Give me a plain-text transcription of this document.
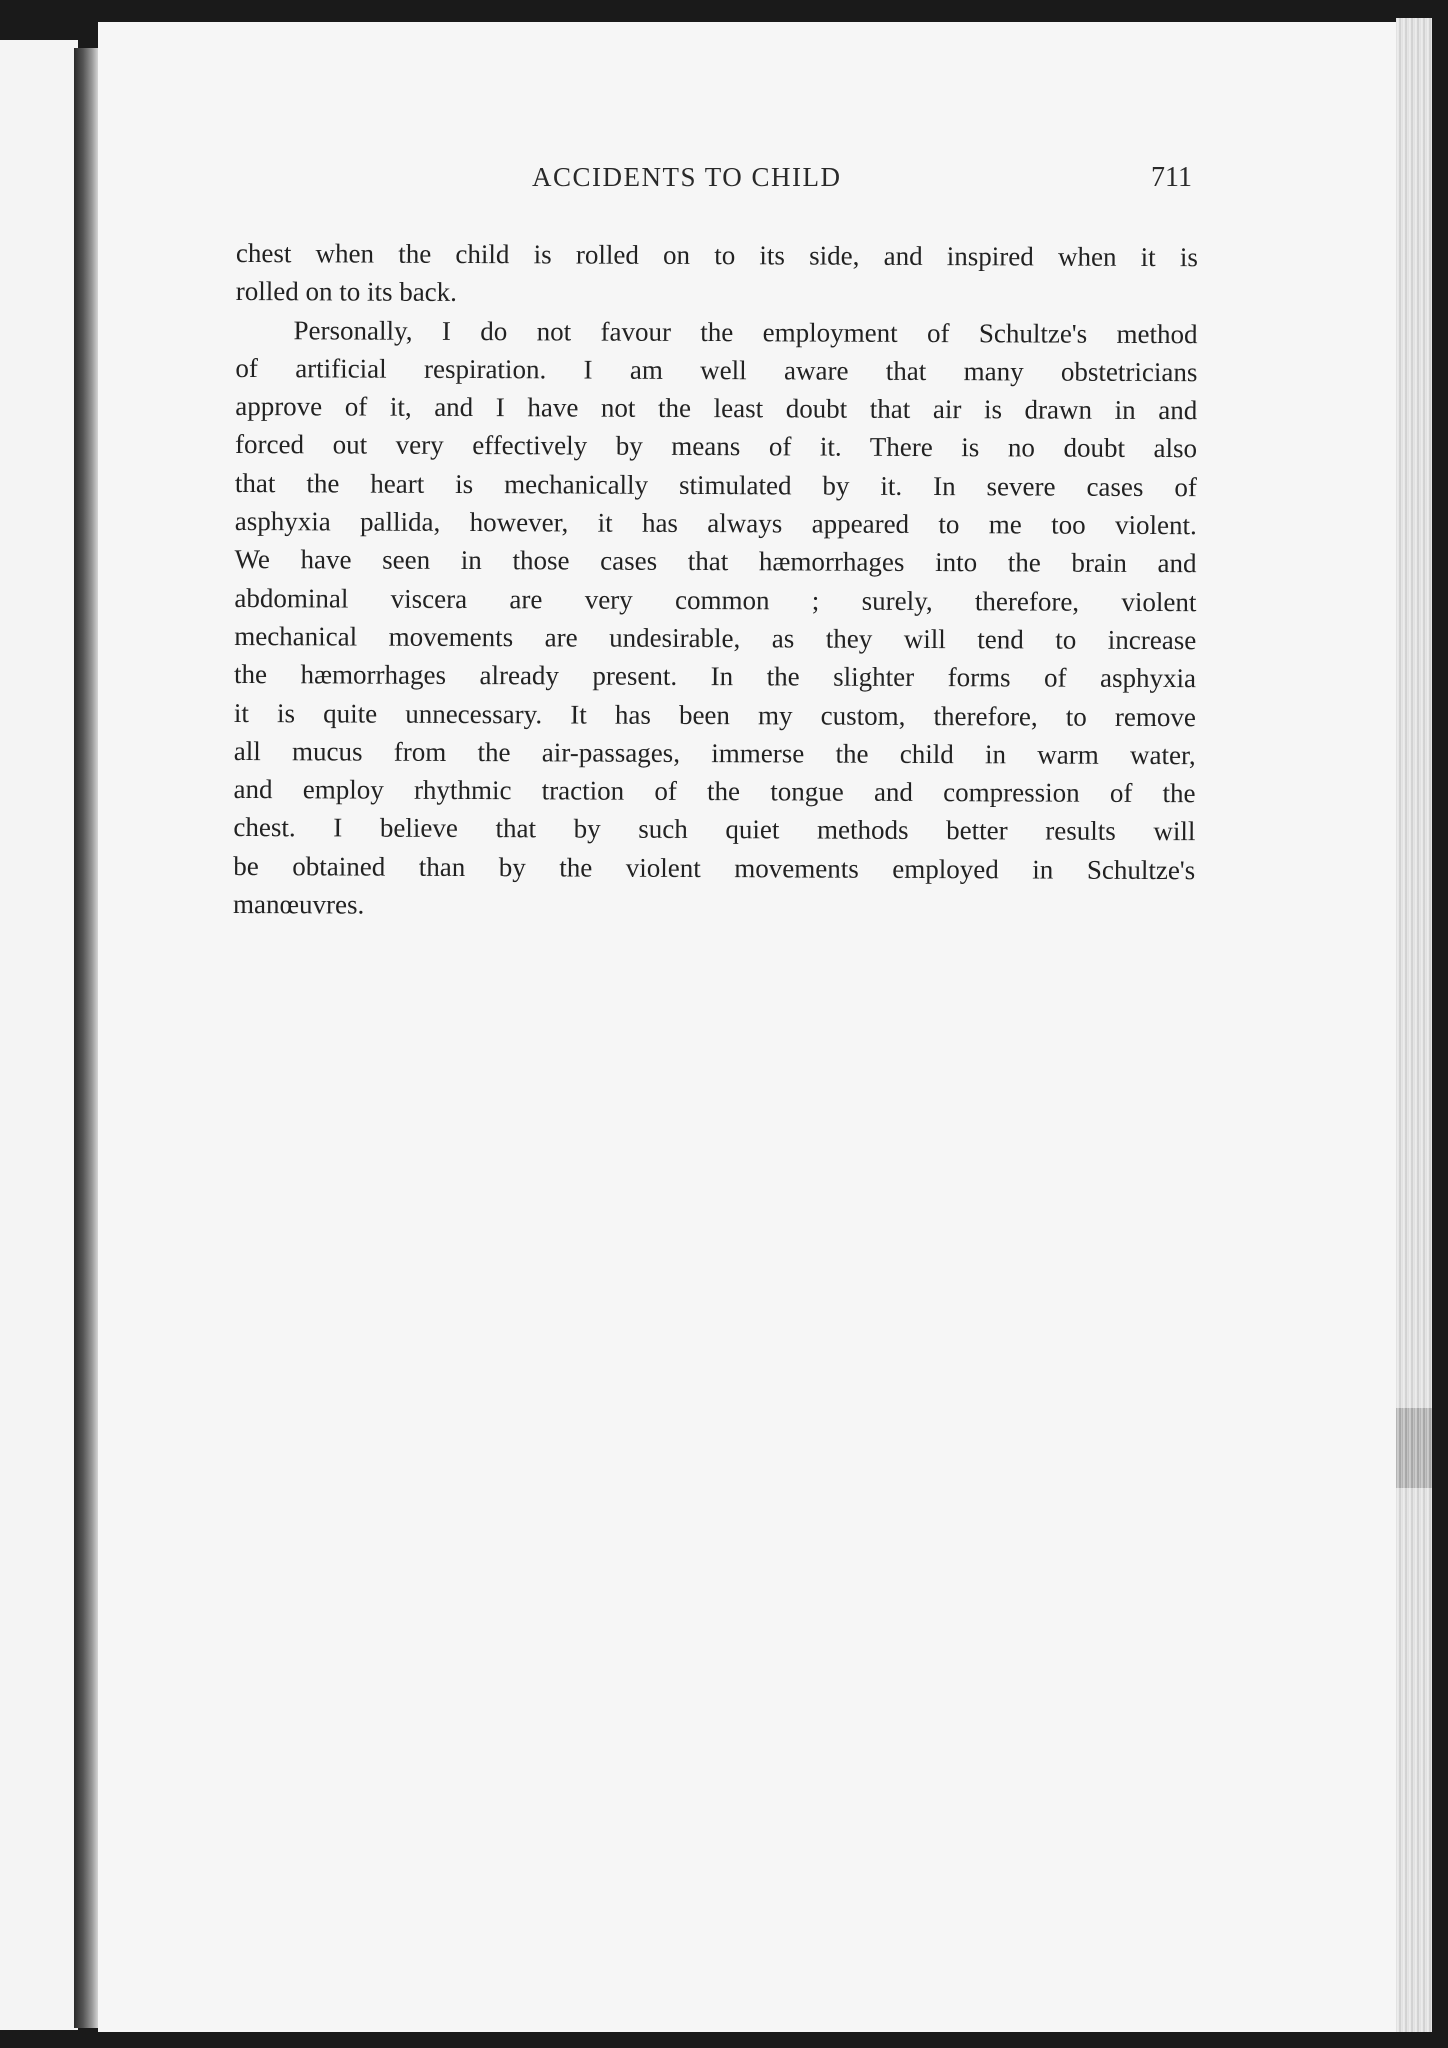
ACCIDENTS TO CHILD	711
chest when the child is rolled on to its side, and inspired when it is
rolled on to its back.
Personally, I do not favour the employment of Schultze's method
of artificial respiration. I am well aware that many obstetricians
approve of it, and I have not the least doubt that air is drawn in and
forced out very effectively by means of it. There is no doubt also
that the heart is mechanically stimulated by it. In severe cases of
asphyxia pallida, however, it has always appeared to me too violent.
We have seen in those cases that hæmorrhages into the brain and
abdominal viscera are very common ; surely, therefore, violent
mechanical movements are undesirable, as they will tend to increase
the hæmorrhages already present. In the slighter forms of asphyxia
it is quite unnecessary. It has been my custom, therefore, to remove
all mucus from the air-passages, immerse the child in warm water,
and employ rhythmic traction of the tongue and compression of the
chest. I believe that by such quiet methods better results will
be obtained than by the violent movements employed in Schultze's
manœuvres.
